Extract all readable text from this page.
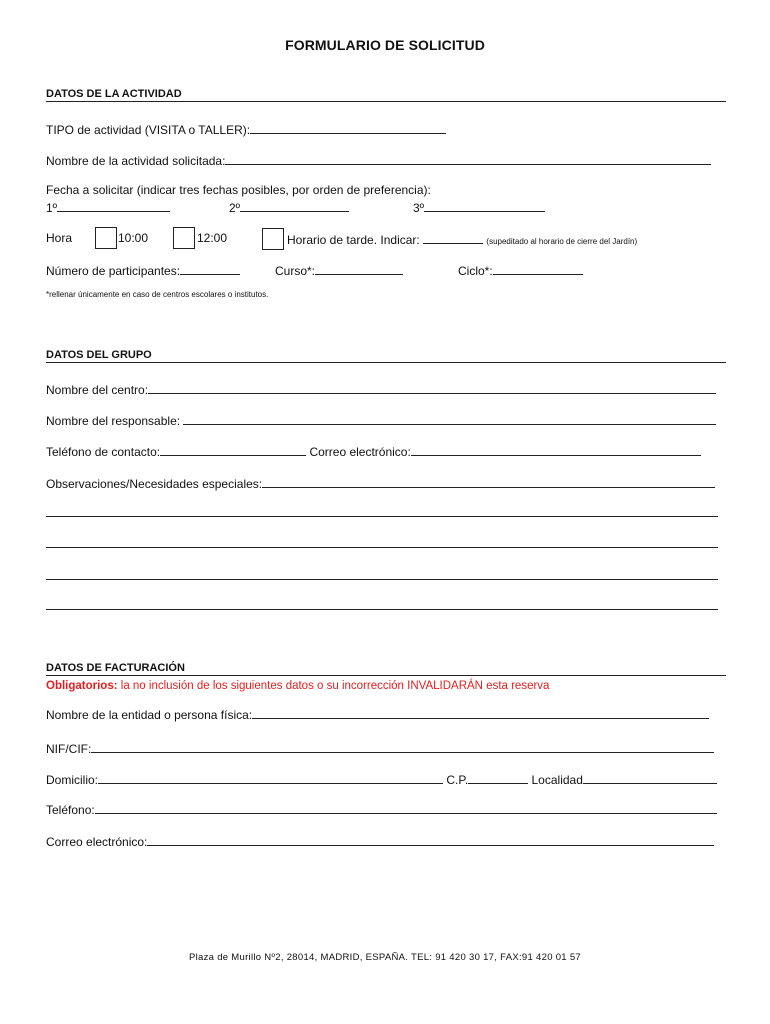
FORMULARIO DE SOLICITUD
DATOS DE LA ACTIVIDAD
TIPO de actividad (VISITA o TALLER):
Nombre de la actividad solicitada:
Fecha a solicitar (indicar tres fechas posibles, por orden de preferencia):
1º	2º	3º
Hora	10:00	12:00	Horario de tarde. Indicar:	(supeditado al horario de cierre del Jardín)
Número de participantes:	Curso*:	Ciclo*:
*rellenar únicamente en caso de centros escolares o institutos.
DATOS DEL GRUPO
Nombre del centro:
Nombre del responsable:
Teléfono de contacto:	Correo electrónico:
Observaciones/Necesidades especiales:
DATOS DE FACTURACIÓN
Obligatorios: la no inclusión de los siguientes datos o su incorrección INVALIDARÁN esta reserva
Nombre de la entidad o persona física:
NIF/CIF:
Domicilio:	C.P.	Localidad
Teléfono:
Correo electrónico:
Plaza de Murillo Nº2, 28014, MADRID, ESPAÑA. TEL: 91 420 30 17, FAX:91 420 01 57
